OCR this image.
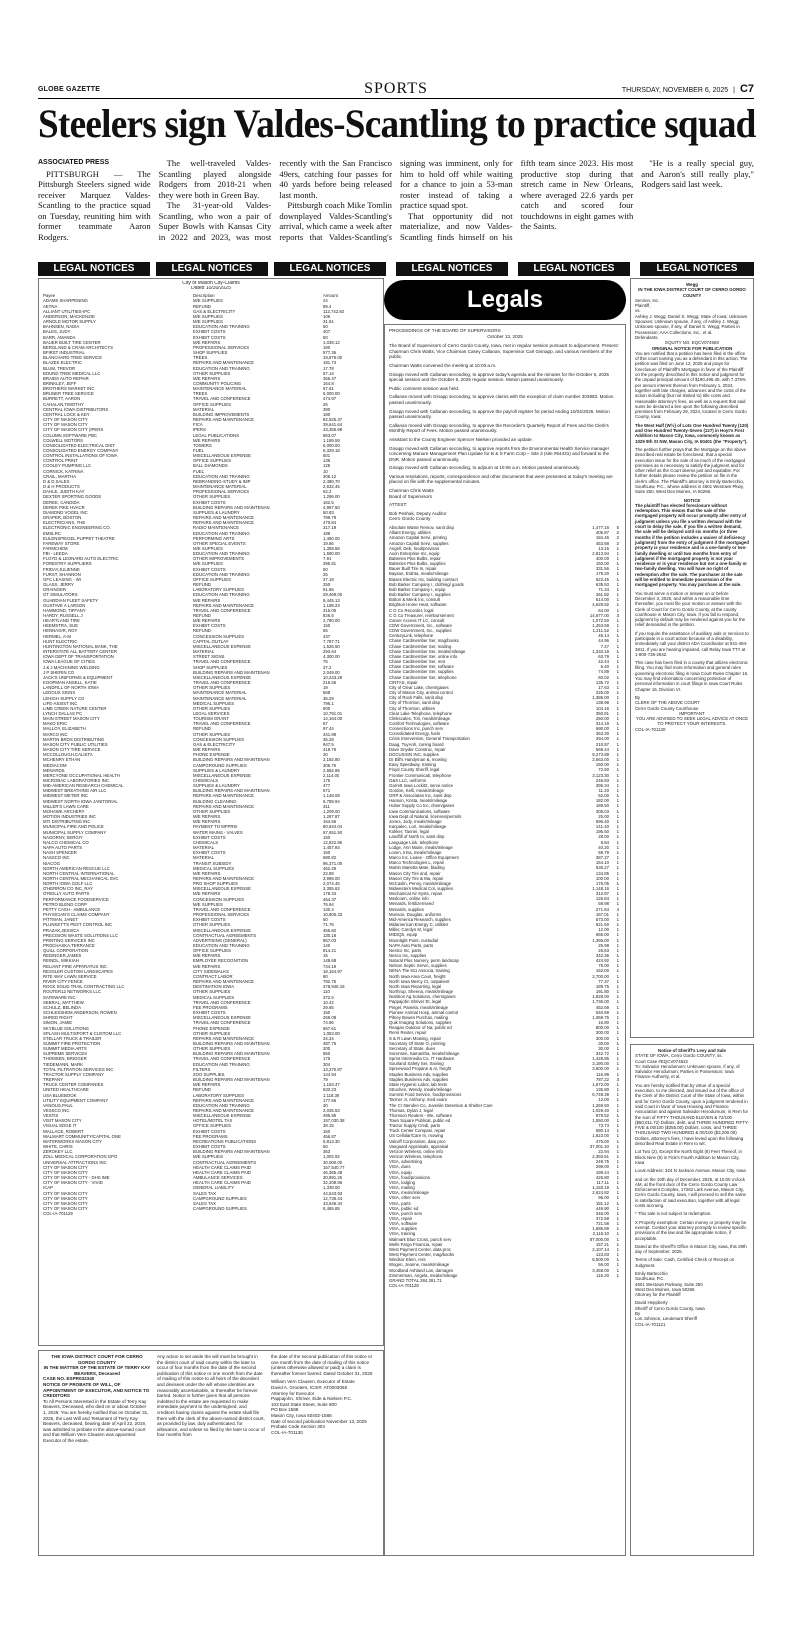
GLOBE GAZETTE	SPORTS	THURSDAY, NOVEMBER 6, 2025 | C7
Steelers sign Valdes-Scantling to practice squad
ASSOCIATED PRESS

PITTSBURGH — The Pittsburgh Steelers signed wide receiver Marquez Valdes-Scantling to the practice squad on Tuesday, reuniting him with former teammate Aaron Rodgers.

The well-traveled Valdes-Scantling played alongside Rodgers from 2018-21 when they were both in Green Bay.

The 31-year-old Valdes-Scantling, who won a pair of Super Bowls with Kansas City in 2022 and 2023, was most recently with the San Francisco 49ers, catching four passes for 40 yards before being released last month.

Pittsburgh coach Mike Tomlin downplayed Valdes-Scantling's arrival, which came a week after reports that Valdes-Scantling's signing was imminent, only for him to hold off while waiting for a chance to join a 53-man roster instead of taking a practice squad spot.

That opportunity did not materialize, and now Valdes-Scantling finds himself on his fifth team since 2023. His most productive stop during that stretch came in New Orleans, where averaged 22.6 yards per catch and scored four touchdowns in eight games with the Saints.

"He is a really special guy, and Aaron's still really play," Rodgers said last week.

LEGAL NOTICES	LEGAL NOTICES	LEGAL NOTICES	LEGAL NOTICES	LEGAL NOTICES	LEGAL NOTICES
City of Mason City-Claims
Dated 10/30/2025
Payee	Description	Amount
ADAMS SHARPENING	M/E SUPPLIES	24
AETNA	REFUND	89.4
ALLIANT UTILITIES-IPC	GAS & ELECTRICITY	112,742.82
ANDERSON, MACKENZIE	M/E SUPPLIES	106
ARNOLD MOTOR SUPPLY	M/E SUPPLIES	31.51
BAHNSEN, NADIA	EDUCATION AND TRAINING	50
BALES, JUDY	EXHIBIT COSTS	407
BARR, AMANDA	EXHIBIT COSTS	50
BAUER BUILT TIRE CENTER	M/E REPAIRS	1,039.12
BERGLAND & CRAM ARCHITECTS	PROFESSIONAL SERVICES	180
BFIRST INDUSTRIAL	SHOP SUPPLIES	577.36
BLANCHARD TREE SERVICE	TREES	19,875.00
BLAZEK ELECTRIC	REPAIRS AND MAINTENANCE	181.73
BLUM, TREVOR	EDUCATION AND TRAINING	17.78
BOUND TREE MEDICAL LLC	OTHER SUPPLIES	67.14
BRAIDS AUTO REPAIR	M/E REPAIRS	366.47
BRINKLEY, JEFF	COMMUNITY POLICING	164.8
BROTHERS MARKET INC	MAINTENANCE MATERIAL	67.81
BRUNER TREE SERVICE	TREES	5,000.00
BURRETT, AARON	TRAVEL AND CONFERENCE	474.97
CAHALAN,TIMOTHY	OFFICE SUPPLIES	25
CENTRAL IOWA DISTRIBUTORS	MATERIAL	390
CENTRAL LOCK & KEY	BUILDING IMPROVEMENTS	180
CITY OF MASON CITY	REPAIRS AND MAINTENANCE	82,925.37
CITY OF MASON CITY	FICA	39,641.64
CITY OF MASON CITY (IPERS	IPERS	43,355.98
COLUMN SOFTWARE PBC	LEGAL PUBLICATIONS	863.07
COLWELL MOTORS	M/E REPAIRS	1,199.59
CONSOLIDATED ELECTRICAL DIST	TOWERS	6,000.00
CONSOLIDATED ENERGY COMPANY	FUEL	6,329.18
CONTROL INSTALLATIONS OF IOWA	MISCELLANEOUS EXPENSE	501
CONTROL PRINT	OFFICE SUPPLIES	135
COOLEY PUMPING LLC	BALL DIAMONDS	125
CORNICK, KATRINA	FUEL	10
CRAIL, MARTHA	EDUCATION AND TRAINING	308.12
D & D SALES	REBRANDING-STUDY & IMP	2,480.70
D & H PRODUCTS	MAINTENANCE MATERIAL	2,532.45
DAHLE, JUDITH KAY	PROFESSIONAL SERVICES	62.3
DEXTER SPORTING GOODS	OTHER SUPPLIES	1,296.00
DEREE, CANDIDA	EXHIBIT COSTS	162.5
DEREK PIKE HVACR	BUILDING REPAIRS AND MAINTENAN	4,997.50
DIAMOND VOGEL INC	SUPPLIES & LAUNDRY	50.83
DRAPER, BOSTON	REPAIRS AND MAINTENANCE	799.79
ELECTRICIANS, THE	REPAIRS AND MAINTENANCE	470.84
ELECTRONIC ENGINEERING CO.	RADIO MAINTENANCE	317.19
EMSLRC	EDUCATION AND TRAINING	188
EULENSPIEGEL PUPPET THEATRE	PERFORMING ARTS	1,480.00
FAREWAY STORE	OTHER SPECIAL EVENTS	19.86
FARMCHEM	M/E SUPPLIES	1,358.58
FBI - LEEDA	EDUCATION AND TRAINING	1,590.00
FLOYD & LEONARD AUTO ELECTRIC	OTHER IMPROVEMENTS	7.91
FORESTRY SUPPLIERS	M/E SUPPLIES	395.81
FRIDAY,JULIENNE	EXHIBIT COSTS	50
FURST, SHANNON	EDUCATION AND TRAINING	25
GFC LEASING - WI	OFFICE SUPPLIES	27.18
GLASS, JERRY	REFUND	250
GRAINGER	LABORATORY SUPPLIES	61.66
GT SIMULATORS	EDUCATION AND TRAINING	29,469.00
GUARDIAN FLEET SAFETY	M/E REPAIRS	8,445.13
GUSTAVE A LARSON	REPAIRS AND MAINTENANCE	1,198.23
HAMMOND, TIFFANY	TRAVEL AND CONFERENCE	315.05
HARDY, RUSSELL J	REFUND	826.5
HEARTLAND TIRE	M/E REPAIRS	2,780.00
HEEMSTRA, SUE	EXHIBIT COSTS	150
HENNAGIR, ROY	REFUND	65
HERMEL, A-M	CONCESSION SUPPLIES	437
HUNT ELECTRIC	CAPITAL OUTLAY	7,787.71
HUNTINGTON NATIONAL BANK, THE	MISCELLANEOUS EXPENSE	1,526.50
INTERSTATE ALL BATTERY CENTER	MATERIAL	293.64
IOWA DEPT OF TRANSPORTATION	STREET SIGNS	4,300.00
IOWA LEAGUE OF CITIES	TRAVEL AND CONFERENCE	75
J & J MACHINING WELDING	SHOP SUPPLIES	37.2
J P SHERIN CO	BUILDING REPAIRS AND MAINTENAN	2,049.00
JACK'S UNIFORMS & EQUIPMENT	MISCELLANEOUS EXPENSE	10,243.29
KOOPMAN ANSELL, KATIE	TRAVEL AND CONFERENCE	215.56
LANDFILL OF NORTH IOWA	OTHER SUPPLIES	19
LEDOUX SIGNS	MAINTENANCE MATERIAL	568
LEHIGH SUPPLY CO	MAINTENANCE MATERIAL	35.29
LIFE-ASSIST INC	MEDICAL SUPPLIES	796.1
LIME CREEK NATURE CENTER	OTHER SUPPLIES	600
LYNCH DALLAS PC	LEGAL SERVICES	10,791.01
MAIN STREET MASON CITY	TOURISM GRANT	14,164.00
MAKO ERIC	TRAVEL AND CONFERENCE	57
MALLOY, ELIZABETH	REFUND	97.44
MARCO INC	OTHER SUPPLIES	341.89
MARTIN BROS DISTRIBUTING	CONCESSION SUPPLIES	35.28
MASON CITY PUBLIC UTILITIES	GAS & ELECTRICITY	947.5
MASON CITY TIRE SERVICE	M/E REPAIRS	419.76
MCCOLLOUGH,CALISTA	PHONE EXPENSE	30
MCHENRY ETHAN	BUILDING REPAIRS AND MAINTENAN	2,192.80
MEDIACOM	CAMPGROUND SUPPLIES	306.75
MENARDS	SUPPLIES & LAUNDRY	2,592.85
MERCYONE OCCUPATIONAL HEALTH	MISCELLANEOUS EXPENSE	2,114.00
MICROBAC LABORATORIES INC	CHEMICALS	175
MID-AMERICAN RESEARCH CHEMICAL	SUPPLIES & LAUNDRY	477
MIDWEST BREATHING AIR LLC	BUILDING REPAIRS AND MAINTENAN	571
MIDWEST METER INC	REPAIRS AND MAINTENANCE	1,148.08
MIDWEST NORTH IOWA JANITORIAL	BUILDING CLEANING	6,789.94
MILLER'S LAWN CARE	REPAIRS AND MAINTENANCE	311
MOHAWK ARCHERY	OTHER SUPPLIES	1,209.00
MOTION INDUSTRIES INC	M/E REPAIRS	1,287.87
MTI DISTRIBUTING INC	M/E REPAIRS	164.66
MUNICIPAL FIRE AND POLICE	PAYMENT TO MFPRSI	80,844.04
MUNICIPAL SUPPLY COMPANY	WATER MAINS - VALVES	57,651.50
NAGORNY, SERGIY	EXHIBIT COSTS	150
NALCO CHEMICAL CO	CHEMICALS	12,822.95
NAPA AUTO PARTS	MATERIAL	1,457.84
NASH SPENCER	EXHIBIT COSTS	150
NASSCO INC	MATERIAL	680.82
NIACOG	TRANSIT SUBSIDY	96,371.00
NORTH AMERICAN RESCUE LLC	MEDICAL SUPPLIES	462.29
NORTH CENTRAL INTERNATIONAL	M/E REPAIRS	22.88
NORTH CENTRAL MECHANICAL SVC	REPAIRS AND MAINTENANCE	3,995.00
NORTH IOWA GOLF LLC	PRO SHOP SUPPLIES	2,074.46
O'HERRON CO INC, RAY	MISCELLANEOUS EXPENSE	3,355.62
O'REILLY AUTO PARTS	M/E REPAIRS	178.34
PERFORMANCE FOODSERVICE	CONCESSION SUPPLIES	464.37
PETRO BLEND CORP	M/E SUPPLIES	76.94
PETTY CASH - AMBULANCE	TRAVEL AND CONFERENCE	130.4
PHYSICIAN'S CLAIMS COMPANY	PROFESSIONAL SERVICES	10,805.33
PITTMAN, JANET	EXHIBIT COSTS	50
PLUNKETT'S PEST CONTROL INC	OTHER SUPPLIES	71.76
PRAZAK,JESSICA	MISCELLANEOUS EXPENSE	456.82
PRECISION WASTE SOLUTIONS LLC	CONTRACTUAL AGREEMENTS	130.18
PRINTING SERVICES INC	ADVERTISING (GENERAL)	857.03
PROCHASKA,TERRANCE	EDUCATION AND TRAINING	140
QUILL CORPORATION	OFFICE SUPPLIES	814.21
REDINGER,JAMES	M/E REPAIRS	15
REINDL, MIKKIAH	EMPLOYEE RECOGNITION	148.68
RELIANT FIRE APPARATUS INC	M/E REPAIRS	744.19
RESSLER CUSTOM LANDSCAPES	CITY SIDEWALKS	18,164.97
RITE WAY LAWN SERVICE	CONTRACT LABOR	90
RIVER CITY FENCE	REPAIRS AND MAINTENANCE	792.75
ROCK SOLID TRAIL CONTRACTING LLC	DESTINATION IOWA	378,945.18
ROUTER12 NETWORKS LLC	OTHER SUPPLIES	110
SAFEWARE INC	MEDICAL SUPPLIES	372.5
SEBRAL, MATTHEW	TRAVEL AND CONFERENCE	10.42
SCHULZ, BELINDA	FEE PROGRAMS	29.65
SCHLESSHEM ANDERSON, ROWEN	EXHIBIT COSTS	150
SHRED RIGHT	MISCELLANEOUS EXPENSE	269.08
SIMON, JAMIE	TRAVEL AND CONFERENCE	74.96
SKYBLUE SOLUTIONS	PHONE EXPENSE	667.61
SPLASH MULTISPORT & CUSTOM LLC	OTHER SUPPLIES	1,053.00
STELLAR TRUCK & TRAILER	REPAIRS AND MAINTENANCE	34.34
SUMMIT FIRE PROTECTION	BUILDING REPAIRS AND MAINTENAN	487.75
SUMMIT MEDIA ARTS	OTHER SUPPLIES	200
SUPREME SERVICES	BUILDING REPAIRS AND MAINTENAN	850
THOMSEN, BRIGGER	TRAVEL AND CONFERENCE	175
TIEDEMANN, MARK	EDUCATION AND TRAINING	304
TOTAL FILTRATION SERVICES INC	FILTERS	13,270.87
TRACTOR SUPPLY COMPANY	ZOO SUPPLIES	144.94
TREPANY	BUILDING REPAIRS AND MAINTENAN	79
TRUCK CENTER COMPANIES	M/E REPAIRS	1,153.47
UNITED HEALTHCARE	REFUND	533.23
USA BLUEBOOK	LABORATORY SUPPLIES	1,118.39
UTILITY EQUIPMENT COMPANY	REPAIRS AND MAINTENANCE	177.66
VANOUS,PAUL	EDUCATION AND TRAINING	30
VESSCO INC	REPAIRS AND MAINTENANCE	2,035.53
VESTIS	MISCELLANEOUS EXPENSE	495.85
VISIT MASON CITY	HOTEL/MOTEL TAX	157,030.38
VISUAL EDGE IT	OFFICE SUPPLIES	38.15
WALLACE, ROBERT	EXHIBIT COSTS	150
WALMART COMMUNITY/CAPITAL ONE	FEE PROGRAMS	456.87
WATERWORKS MASON CITY	RECREATIONS PUBLICATIONS	5,813.30
WHITE, CHRIS	EXHIBIT COSTS	50
ZEROKEY LLC	BUILDING REPAIRS AND MAINTENAN	363
ZOLL MEDICAL CORPORATION GPO	M/E SUPPLIES	1,002.92
UNIVERSAL ATTRACTIONS INC	CONTRACTUAL AGREEMENTS	30,000.00
CITY OF MASON CITY	HEALTH CARE CLAIMS PAID	157,540.77
CITY OF MASON CITY	HEALTH CARE CLAIMS PAID	46,365.48
CITY OF MASON CITY - DHS IME	AMBULANCE SERVICES	30,891.25
CITY OF MASON CITY - VIVID	HEALTH CARE CLAIMS PAID	32,209.86
ICAP	GENERAL LIABILITY	1,338.00
CITY OF MASON CITY	SALES TAX	44,543.93
CITY OF MASON CITY	CAMPGROUND SUPPLIES	12,735.44
CITY OF MASON CITY	SALES TAX	43,646.34
CITY OF MASON CITY	CAMPGROUND SUPPLIES	8,465.85
COL-IA-701129
Legals
PROCEEDINGS OF THE BOARD OF SUPERVISORS
October 13, 2025

The Board of Supervisors of Cerro Gordo County, Iowa, met in regular session pursuant to adjournment. Present: Chairman Chris Watts, Vice Chairman Casey Callanan, Supervisor Carl Gisnapp, and various members of the public.

Chairman Watts convened the meeting at 10:00 a.m.

Ginapp moved with Callanan seconding, to approve today's agenda and the minutes for the October 6, 2025 special session and the October 6, 2025 regular session. Motion passed unanimously.

Public comment session was held.

Callanan moved with Ginapp seconding, to approve claims with the exception of claim number 303983. Motion passed unanimously.

Ginapp moved with Callanan seconding, to approve the payroll register for period ending 10/04/2025. Motion passed unanimously.

Callanan moved with Ginapp seconding, to approve the Recorder's Quarterly Report of Fees and the Clerk's Monthly Report of Fees. Motion passed unanimously.

Assistant to the County Engineer Spencer Nielsen provided an update.

Ginapp moved with Callanan seconding, to approve reports from the Environmental Health Service manager concerning Manure Management Plan Update for B & S Farm Corp – Site 3 (site #64431) and forward to the DNR. Motion passed unanimously.

Ginapp moved with Callanan seconding, to adjourn at 10:06 a.m. Motion passed unanimously.

Various resolutions, reports, correspondence and other documents that were presented at today's meeting are placed on file with the supplemental minutes.

Chairman Chris Watts
Board of Supervisors
ATTEST:
Bob Peshak, Deputy Auditor
Cerro Gordo County
Absolute Waste Remov, sanit disp	1,477.16	5
Alliant Energy, utilities	405.87	2
Amazon Capital Servi, printing	184.46	2
Amazon Capital Servi, supplies	453.68	2
Angell, Deb, food/provisns	13.15	1
Axon Enterprise Inc, equip	2,813.94	1
Batteries Plus Bulbs, repair	400.00	1
Batteries Plus Bulbs, supplies	150.00	1
Bauer Built Tire In, repair	331.56	1
Baysan, Erahta, meals/mileage	179.20	1
Biases Electric Inc, building contract	622.45	1
Bob Barker Company I, clothing/ goods	635.93	1
Bob Barker Company I, equip	71.34	1
Bob Barker Company I, supplies	261.82	1
Bolton & Menk Inc, consult	614.00	1
Brighton Home Heat, software	4,629.82	1
C G Co Recorder, logal	64.00	1
C G Co Treasurer, reimbursement	14,677.00	3
Carver Access IT LC, consult	1,072.50	1
CDW Government, Inc., software	1,453.68	1
CDW Government, Inc., supplies	1,211.52	1
CenturyLink, telephone	45.14	1
Chase Cardmember Ser, mag/books	44.96	1
Chase Cardmember Ser, mailing	7.47	1
Chase Cardmember Ser, meals/mileage	1,333.18	1
Chase Cardmember Ser, online info	63.79	1
Chase Cardmember Ser, rent	42.44	1
Chase Cardmember Ser, software	6.40	1
Chase Cardmember Ser, supplies	74.89	1
Chase Cardmember Ser, telephone	60.02	1
CINTAS, repair	135.72	1
City of Clear Lake, chem/gases	17.63	1
City of Mason City, animal control	225.00	1
City of Rock Falls, sanit disp	1,386.00	1
City of Thornton, sanit disp	138.98	1
City of Thornton, utilities	104.16	1
Clear Lake Telephone, telephone	350.81	1
Clinkscales, Tori, meals/mileage	250.00	1
Comfort Technologies, software	314.18	1
Connections Inc, punch serv	690.00	1
Consolidated Energy, fuels	363.30	1
Crisis Intervention, General Transportation	294.00	1
Daag, TuyAnh, zoning board	210.97	1
Dave Snyder Construc, repair	568.44	1
DOCUSIGN INC, supplies	9,273.89	1
Dr Bill's Handyman &, mowing	2,563.00	1
Easy Speedway, training	150.00	1
Floyd County Sheriff, legal	72.60	1
Frontier Communicati, telephone	3,123.30	1
G&S LLC, uniforms	246.83	1
Garrett Iowa Lockit2, serve notice	396.34	1
Gordon, Kelli, meals/mileage	11.20	1
GRP & Associates Inc, sanit disp	52.00	1
Hanson, Krista, meals/mileage	182.00	1
Huber Supply Co Inc, chem/gases	189.50	1
Iowa Communications, software	305.03	1
Iowa Dept of Natural, licenses/permits	25.00	1
Jones, Jody, meals/mileage	596.40	1
Kacpalec, Lori, meals/mileage	141.40	1
Kokker, Tanner, legal	196.50	1
Landfill of North Io, sanit disp	28.00	1
Language Link, telephone	8.84	1
Lodge, Ann Marie, meals/mileage	40.20	1
Loven, Irina, meals/mileage	59.78	1
Marco Inc. Lease - Office Equipment	387.27	1
Marco Technologies L, repair	154.10	1
Martin Marietta Mate, blading	535.27	1
Mason City Tire and, repair	134.85	1
Mason City Tire & Ma, repair	100.00	1
McCaslin, Penny, meals/mileage	176.05	1
Midwestern Medical Cor, supplies	1,148.16	1
Mechanical Air Syste, repair	312.97	1
Medcoen, online info	126.84	1
Menards, fertilizer/seed	59.98	1
Menards, supplies	271.64	4
Monson, Douglas, uniforms	167.01	1
Mid-America Research, supplies	573.00	1
Midamerican Energy C, utilities	621.60	1
Miller, Carolyn M, legal	12.00	1
MIDIQS, equip	666.00	1
Moonlight Point, custodial	1,395.00	1
NAPA Auto Parts, parts	25.98	1
Nestco Inc, parts	26.63	1
Nesco Inc, supplies	342.36	1
Natural Plus Nursery, perm landscap	424.92	1
Nelson Septic Servic, supplies	75.00	1
NENA The 911 Associa, training	152.00	1
North Iowa Area Coun, freight	2,700.00	1
North Iowa Mercy Ct, outpatient	77.37	1
North Iowa Reporting, legal	189.75	1
Northrup, Sheena, meals/mileage	191.80	1
Nutrition Ag Solutions, chem/gases	1,828.00	1
Pappajohn Shriver Et, legal	1,736.00	1
Pingel, Pamela, meals/mileage	452.69	1
Pioneer Animal Hosp, animal control	640.69	1
Pitney Bowes Purchas, mailing	1,069.75	1
Quik Imaging Solutions, supplies	16.80	1
Reagan Outdoor of Na, public ed	800.00	1
Renn Rexter, repair	300.00	1
S & R Lawn Mowing, repair	300.00	1
Secretary Of State O, printing	30.00	1
Secretary of State, dues	30.00	1
Sorensen, Samantha, meals/mileage	342.72	1
Sprint Intermedia Co, IT Hardware	1,428.85	1
Sourland Safety Ser, training	3,190.00	1
Spreewood Propane & Ai, freight	3,600.00	1
Staples Business Adv, supplies	116.99	1
Staples Business Adv, supplies	787.22	3
State Hygienic Labor, lab tests	1,672.00	1
Struchen, Wendy, meals/mileage	135.80	1
Summit Food Service, food/provisions	6,749.39	1
Tarmer Jr, Anthony, med exam	12.00	1
The Cr Ittenden Co, Juvenile Detention & Shelter Care	1,269.50	1
Thomas, Dylan J, legal	1,029.40	1
Thomson Reuters - We, software	978.52	1
Town Square Publicat, public ed	1,550.00	1
Tractor Supply Credi, parts	73.73	1
Truck Center Compani, repair	580.14	1
US Cellular/Care In, mowing	1,623.00	1
Valcoff Corporation, data proc	475.00	1
Vanguard Appraisals, appraisal	37,001.40	1
Verizon Wireless, online info	22.94	1
Verizon Wireless, telephone	2,393.61	1
VISA, advertising	249.75	1
VISA, dues	299.00	1
VISA, equip	199.24	1
VISA, food/provisions	426.80	1
VISA, lodging	117.11	1
VISA, mailing	1,183.19	1
VISA, meals/mileage	2,624.82	1
VISA, other serv	96.00	1
VISA, parts	181.12	1
VISA, public ed	449.90	1
VISA, punch serv	345.00	1
VISA, repair	372.58	1
VISA, software	721.58	1
VISA, supplies	1,685.89	1
VISA, training	2,115.10	1
Walmark Blue Cross, punch serv	87,000.00	1
Wells Fargo Financia, repair	157.21	1
West Payment Center, data proc	2,107.14	1
West Payment Center, mag/books	123.83	1
Windsor Elem, rent	8,500.00	1
Wogen, Jeanne, meals/mileage	56.00	1
Woodland Ashland Lan, damages	3,458.00	1
Zimmerman, Angela, meals/mileage	116.20	1
GRAND TOTAL 284,391.71
COL-IA-701128
Wegg
IN THE IOWA DISTRICT COURT OF CERRO GORDO COUNTY
Servion, Inc.
Plaintiff,
vs.
Ashley J. Wegg; Daniel S. Wegg; State of Iowa; Unknown Spouses; Unknown spouse, if any, of Ashley J. Wegg; Unknown spouse, if any, of Daniel S. Wegg; Parties in Possession; AAA Collections, Inc., et al.
Defendants.
EQUITY NO. EQCV074569
ORIGINAL NOTICE FOR PUBLICATION

You are notified that a petition has been filed in the office of this court naming you as a defendant in this action. The petition was filed on June 12, 2025 and prays for foreclosure of Plaintiff's Mortgage in favor of the Plaintiff on the property described in this notice and judgment for the unpaid principal amount of $190,495.40, with 7.375% per annum interest thereon from February 1, 2024, together with late charges, advances and the costs of the action including (but not limited to) title costs and reasonable attorney's fees, as well as a request that said sums be declared a lien upon the following described premises from February 29, 2024, located in Cerro Gordo County, Iowa:

The West Half (W½) of Lots One Hundred Twenty (120) and One Hundred Twenty-Seven (127) in Hoyt's First Addition to Mason City, Iowa, commonly known as 1029 9th St NW, Mason City, IA 50401 (the "Property").

The petition further prays that the Mortgage on the above described real estate be foreclosed, that a special execution issue for the sale of as much of the mortgaged premises as is necessary to satisfy the judgment and for other relief as the Court deems just and equitable. For further details please review the petition on file in the clerk's office. The Plaintiff's attorney is Emily Bartecchio, SouthLaw, P.C., whose address is 4601 Westown Pkwy, Suite 250, West Des Moines, IA 50266.

NOTICE

The plaintiff has elected foreclosure without redemption. This means that the sale of the mortgaged property will occur promptly after entry of judgment unless you file a written demand with the court to delay the sale. If you file a written demand, the sale will be delayed until six months (or three months if the petition includes a waiver of deficiency judgment) from the entry of judgment if the mortgaged property is your residence and is a one-family or two-family dwelling or until two months from entry of judgment if the mortgaged property is not your residence or is your residence but not a one-family or two-family dwelling. You will have no right of redemption after the sale. The purchaser at the sale will be entitled to immediate possession of the mortgaged property. You may purchase at the sale.

You must serve a motion or answer on or before December 3, 2025, and within a reasonable time thereafter, you must file your motion or answer with the Clerk of Court for Cerro Gordo County, at the county courthouse in Mason City, Iowa. If you fail to respond, judgment by default may be rendered against you for the relief demanded in the petition.

If you require the assistance of auxiliary aids or services to participate in a court action because of a disability, immediately call your district ADA Coordinator at 641-494-3811. If you are hearing impaired, call Relay Iowa TTY at 1-800-735-2942.

This case has been filed in a county that utilizes electronic filing. You may find more information and general rules governing electronic filing in Iowa Court Rules Chapter 16. You may find information concerning protection of personal information in court filings in Iowa Court Rules Chapter 16, Division VI.

By
CLERK OF THE ABOVE COURT
Cerro Gordo County Courthouse
IMPORTANT
YOU ARE ADVISED TO SEEK LEGAL ADVICE AT ONCE TO PROTECT YOUR INTERESTS.
COL-IA-701130
Notice of Sheriff's Levy and Sale
STATE OF IOWA, Cerro Gordo COUNTY, ss.
Court Case #EQCV074522

To: Salvador Herodumum; Unknown spouse, if any, of Salvador Herodumum; Parties in Possession; Iowa Finance Authority, et al.

You are hereby notified that by virtue of a special execution, to me directed, and issued out of the office of the Clerk of the District Court of the State of Iowa, within and for Cerro Gordo County, upon a judgment rendered in said Court in favor of Iowa Housing and Finance Association and against Salvador Herodumum, in Rem for the sum of FIFTY THOUSAND ELEVEN & 72/100 ($50,011.72) Dollars, debt, and THREE HUNDRED FIFTY-FIVE & 00/100 ($355.00) Dollars, costs, and THREE THOUSAND TWO HUNDRED & 00/100 ($3,200.00) Dollars, attorney's fees, I have levied upon the following described Real Estate in Rem to wit:

Lot Two (2), Except the North Eight (8) Feet Thereof, in Block Nine (9) in Fink's Fourth Addition to Mason City, Iowa

Local Address: 324 N Jackson Avenue, Mason City, Iowa

and on the 10th day of December, 2025, at 10:00 o'clock AM, at the front door of the Cerro Gordo County Law Enforcement Complex, 17262 Lark Avenue, Mason City, Cerro Gordo County, Iowa, I will proceed to sell the same in satisfaction of said execution, together with all legal costs accruing.

* This sale is not subject to redemption.

X Property exemption: Certain money or property may be exempt. Contact your attorney promptly to review specific provisions of the law and file appropriate notice, if acceptable.

Dated at the Sheriff's Office in Mason City, Iowa, this 29th day of September, 2025.

Terms of Sale: Cash, Certified Check or Receipt on Judgment.

Emily Bartecchio
SouthLaw, P.C.
4601 Westown Parkway, Suite 250
West Des Moines, Iowa 50266
Attorney for the Plaintiff
David Heppberty
Sheriff of Cerro Gordo County, Iowa
By
Lon Johnson, Lieutenant Sheriff
COL-IA-701121
THE IOWA DISTRICT COURT FOR CERRO GORDO COUNTY
IN THE MATTER OF THE ESTATE OF TERRY KAY BEAVERS, Deceased
CASE NO. ESPR032340
NOTICE OF PROBATE OF WILL, OF APPOINTMENT OF EXECUTOR, AND NOTICE TO CREDITORS

To All Persons Interested in the Estate of Terry Kay Beavers, Deceased, who died on or about October 1, 2025: You are hereby notified that on October 31, 2025, the Last Will and Testament of Terry Kay Beavers, deceased, bearing date of April 22, 2019, was admitted to probate in the above-named court and that William Vern Clausen was appointed Executor of the estate.

Any action to set aside the will must be brought in the district court of said county within the later to occur of four months from the date of the second publication of this notice or one month from the date of mailing of this notice to all heirs of the decedent and devisees under the will whose identities are reasonably ascertainable, or thereafter be forever barred. Notice is further given that all persons indebted to the estate are requested to make immediate payment to the undersigned, and creditors having claims against the estate shall file them with the clerk of the above-named district court, as provided by law, duly authenticated, for allowance, and unless so filed by the later to occur of four months from

the date of the second publication of this notice or one month from the date of mailing of this notice (unless otherwise allowed or paid) a claim is thereafter forever barred. Dated October 31, 2025

William Vern Clausen, Executor of Estate
David A. Grooters, ICIS#: AT0003058
Attorney for Executor
Pappajohn, Shriver, Eide & Nielsen P.C.
103 East State Street, Suite 800
PO Box 1588
Mason City, Iowa 50402-1588
Date of second publication November 13, 2025
Probate Code Section 304
COL-IA-701130
